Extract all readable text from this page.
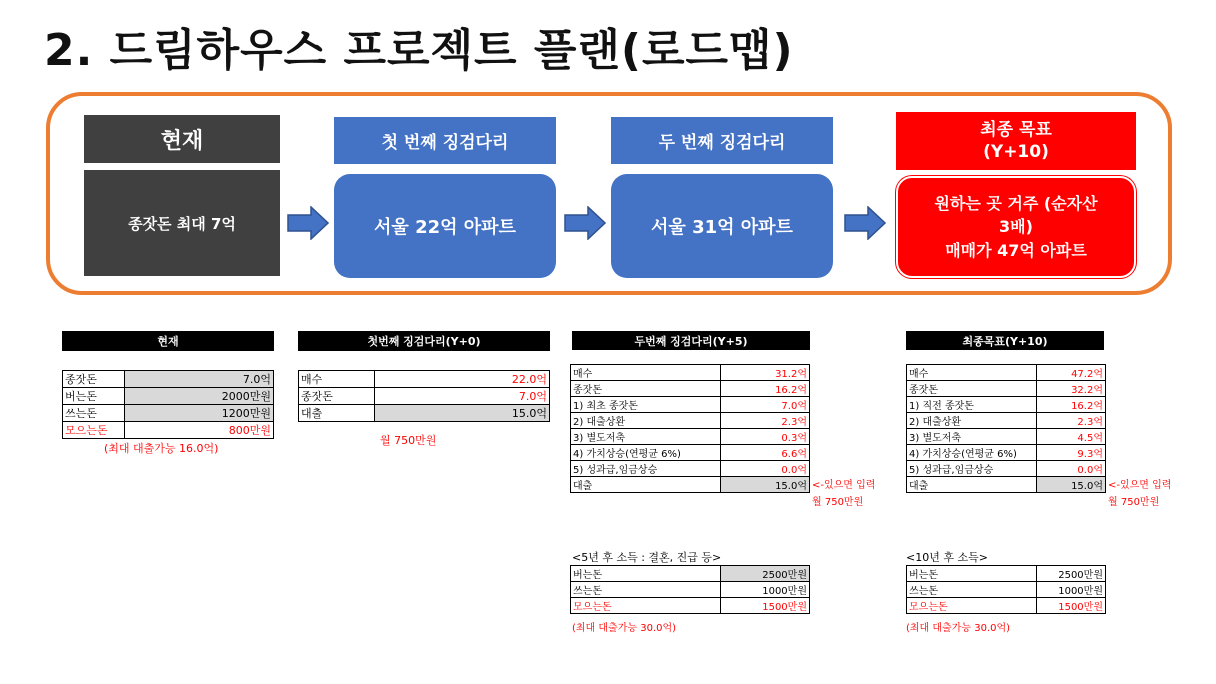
2. 드림하우스 프로젝트 플랜(로드맵)
현재
종잣돈 최대 7억
첫 번째 징검다리
서울 22억 아파트
두 번째 징검다리
서울 31억 아파트
최종 목표
(Y+10)
원하는 곳 거주 (순자산
3배)
매매가 47억 아파트
현재
종잣돈	7.0억
버는돈	2000만원
쓰는돈	1200만원
모으는돈	800만원
(최대 대출가능 16.0억)
첫번째 징검다리(Y+0)
매수	22.0억
종잣돈	7.0억
대출	15.0억
월 750만원
두번째 징검다리(Y+5)
매수	31.2억
종잣돈	16.2억
1) 최초 종잣돈	7.0억
2) 대출상환	2.3억
3) 별도저축	0.3억
4) 가치상승(연평균 6%)	6.6억
5) 성과급,임금상승	0.0억
대출	15.0억 <-있으면 입력
월 750만원
<5년 후 소득 : 결혼, 진급 등>
버는돈	2500만원
쓰는돈	1000만원
모으는돈	1500만원
(최대 대출가능 30.0억)
최종목표(Y+10)
매수	47.2억
종잣돈	32.2억
1) 직전 종잣돈	16.2억
2) 대출상환	2.3억
3) 별도저축	4.5억
4) 가치상승(연평균 6%)	9.3억
5) 성과급,임금상승	0.0억
대출	15.0억 <-있으면 입력
월 750만원
<10년 후 소득>
버는돈	2500만원
쓰는돈	1000만원
모으는돈	1500만원
(최대 대출가능 30.0억)
